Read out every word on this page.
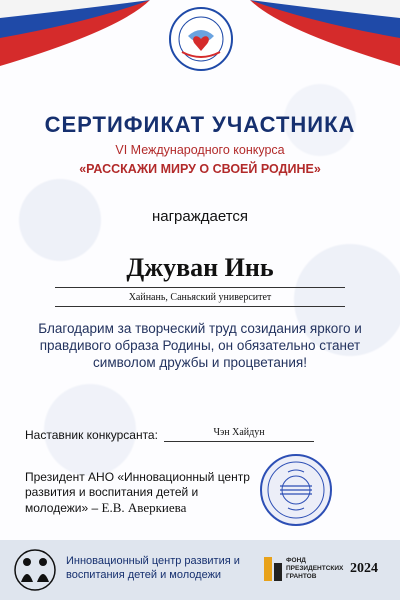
СЕРТИФИКАТ УЧАСТНИКА
VI Международного конкурса
«РАССКАЖИ МИРУ О СВОЕЙ РОДИНЕ»
награждается
Джуван Инь
Хайнань, Саньяский университет
Благодарим за творческий труд созидания яркого и правдивого образа Родины, он обязательно станет символом дружбы и процветания!
Наставник конкурсанта:	Чэн Хайдун
Президент АНО «Инновационный центр развития и воспитания детей и молодежи» – Е.В. Аверкиева
Инновационный центр развития и воспитания детей и молодежи
ФОНД ПРЕЗИДЕНТСКИХ ГРАНТОВ
2024
